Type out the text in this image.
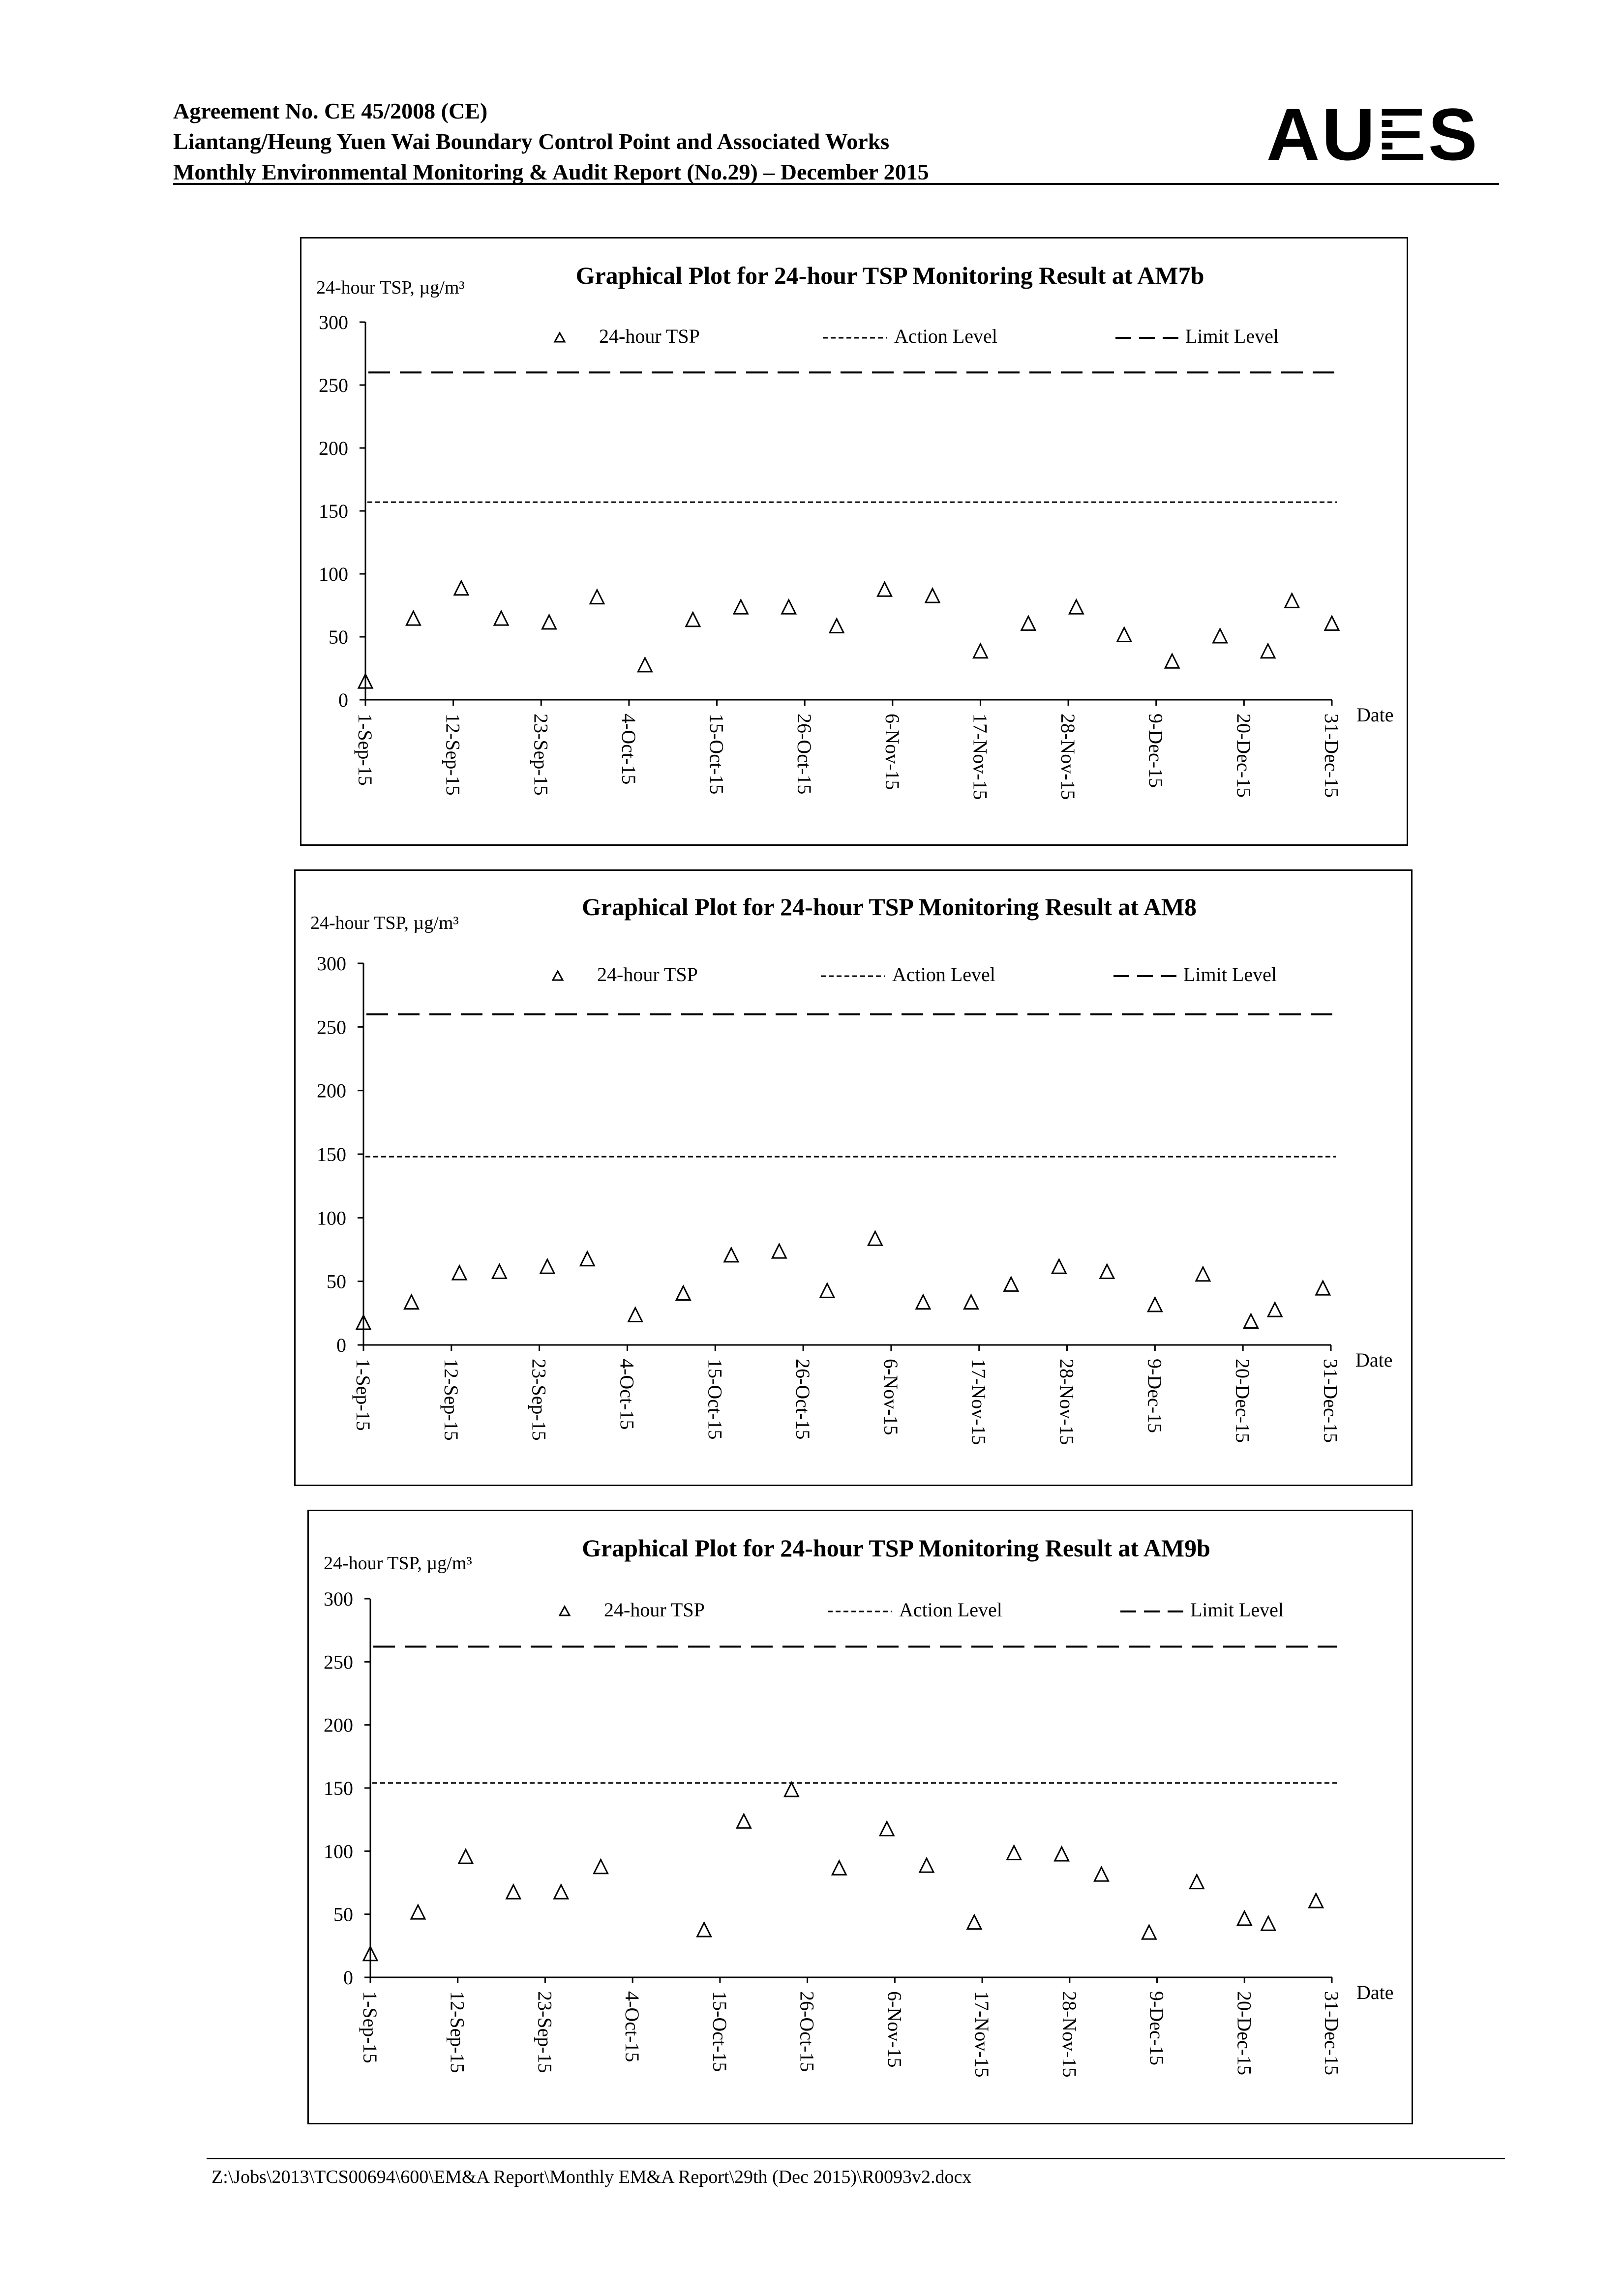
Agreement No. CE 45/2008 (CE)
Liantang/Heung Yuen Wai Boundary Control Point and Associated Works
Monthly Environmental Monitoring & Audit Report (No.29) – December 2015	AUES
Graphical Plot for 24-hour TSP Monitoring Result at AM7b
24-hour TSP, µg/m³
0
50
100
150
200
250
300
1-Sep-15	12-Sep-15	23-Sep-15	4-Oct-15	15-Oct-15	26-Oct-15	6-Nov-15	17-Nov-15	28-Nov-15	9-Dec-15	20-Dec-15	31-Dec-15 Date
24-hour TSP	Action Level	Limit Level
Graphical Plot for 24-hour TSP Monitoring Result at AM8
24-hour TSP, µg/m³
0
50
100
150
200
250
300
1-Sep-15	12-Sep-15	23-Sep-15	4-Oct-15	15-Oct-15	26-Oct-15	6-Nov-15	17-Nov-15	28-Nov-15	9-Dec-15	20-Dec-15	31-Dec-15 Date
24-hour TSP	Action Level	Limit Level
Graphical Plot for 24-hour TSP Monitoring Result at AM9b
24-hour TSP, µg/m³
0
50
100
150
200
250
300
1-Sep-15	12-Sep-15	23-Sep-15	4-Oct-15	15-Oct-15	26-Oct-15	6-Nov-15	17-Nov-15	28-Nov-15	9-Dec-15	20-Dec-15	31-Dec-15 Date
24-hour TSP	Action Level	Limit Level
Z:\Jobs\2013\TCS00694\600\EM&A Report\Monthly EM&A Report\29th (Dec 2015)\R0093v2.docx
